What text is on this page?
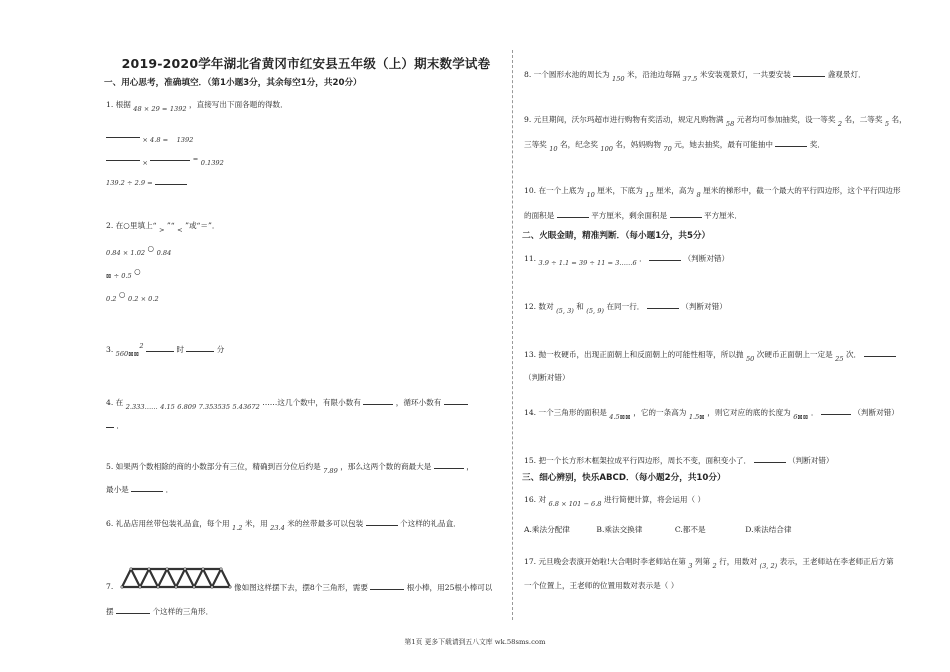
2019-2020学年湖北省黄冈市红安县五年级（上）期末数学试卷
一、用心思考，准确填空．（第1小题3分，其余每空1分，共20分）
1. 根据 48 × 29 = 1392 ，直接写出下面各题的得数．
× 4.8 = 1392
×	= 0.1392
139.2 ÷ 2.9 =
2. 在○里填上“ > ”“ < ”或“＝”．
0.84 × 1.02 ○ 0.84
⊠ ÷ 0.5 ○
0.2 ○ 0.2 × 0.2
3. 560⊠⊠2	时	分
4. 在 2.333…… 4.15 6.809 7.353535 5.43672 ……这几个数中，有限小数有	，循环小数有
．
5. 如果两个数相除的商的小数部分有三位，精确到百分位后约是 7.89 ，那么这两个数的商最大是	，
最小是	．
6. 礼品店用丝带包装礼品盒，每个用 1.2 米，用 23.4 米的丝带最多可以包装	个这样的礼品盒．
7.	像如图这样摆下去，摆8个三角形，需要	根小棒，用25根小棒可以
摆	个这样的三角形．
8. 一个圆形水池的周长为 150 米，沿池边每隔 37.5 米安装观景灯，一共要安装	盏观景灯．
9. 元旦期间，沃尔玛超市进行购物有奖活动，规定凡购物满 58 元者均可参加抽奖，设一等奖 2 名，二等奖 5 名，
三等奖 10 名，纪念奖 100 名，妈妈购物 70 元，她去抽奖，最有可能抽中	奖．
10. 在一个上底为 10 厘米，下底为 15 厘米，高为 8 厘米的梯形中，截一个最大的平行四边形，这个平行四边形
的面积是	平方厘米，剩余面积是	平方厘米．
二、火眼金睛，精准判断．（每小题1分，共5分）
11. 3.9 ÷ 1.1 = 39 ÷ 11 = 3……6 ．	（判断对错）
12. 数对 (5, 3) 和 (5, 9) 在同一行．	（判断对错）
13. 抛一枚硬币，出现正面朝上和反面朝上的可能性相等，所以抛 50 次硬币正面朝上一定是 25 次．
（判断对错）
14. 一个三角形的面积是 4.5⊠⊠ ，它的一条高为 1.5⊠ ，则它对应的底的长度为 6⊠⊠ ．	（判断对错）
15. 把一个长方形木框架拉成平行四边形，周长不变，面积变小了．	（判断对错）
三、细心辨别，快乐ABCD．（每小题2分，共10分）
16. 对 6.8 × 101 − 6.8 进行简便计算，将会运用（ ）
A.乘法分配律	B.乘法交换律	C.都不是	D.乘法结合律
17. 元旦晚会表演开始啦!大合唱时李老师站在第 3 列第 2 行，用数对 (3, 2) 表示，王老师站在李老师正后方第
一个位置上，王老师的位置用数对表示是（ ）
第1页 更多下载请到五八文库 wk.58sms.com
